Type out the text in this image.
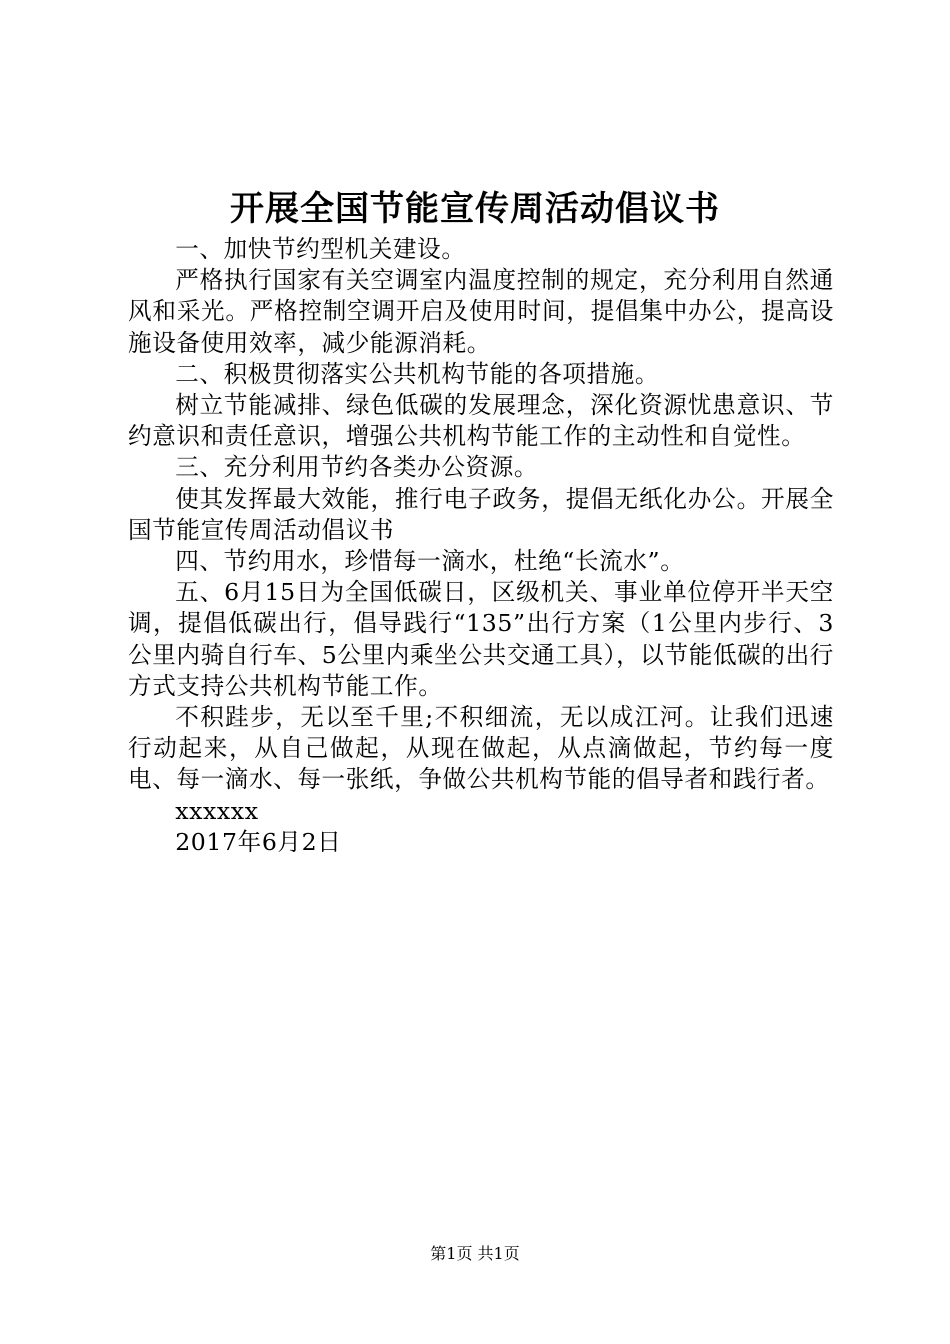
开展全国节能宣传周活动倡议书

一、加快节约型机关建设。

严格执行国家有关空调室内温度控制的规定，充分利用自然通风和采光。严格控制空调开启及使用时间，提倡集中办公，提高设施设备使用效率，减少能源消耗。

二、积极贯彻落实公共机构节能的各项措施。

树立节能减排、绿色低碳的发展理念，深化资源忧患意识、节约意识和责任意识，增强公共机构节能工作的主动性和自觉性。

三、充分利用节约各类办公资源。

使其发挥最大效能，推行电子政务，提倡无纸化办公。开展全国节能宣传周活动倡议书

四、节约用水，珍惜每一滴水，杜绝“长流水”。

五、6月15日为全国低碳日，区级机关、事业单位停开半天空调，提倡低碳出行，倡导践行“135”出行方案（1公里内步行、3公里内骑自行车、5公里内乘坐公共交通工具），以节能低碳的出行方式支持公共机构节能工作。

不积跬步，无以至千里;不积细流，无以成江河。让我们迅速行动起来，从自己做起，从现在做起，从点滴做起，节约每一度电、每一滴水、每一张纸，争做公共机构节能的倡导者和践行者。

xxxxxx

2017年6月2日

第1页 共1页
